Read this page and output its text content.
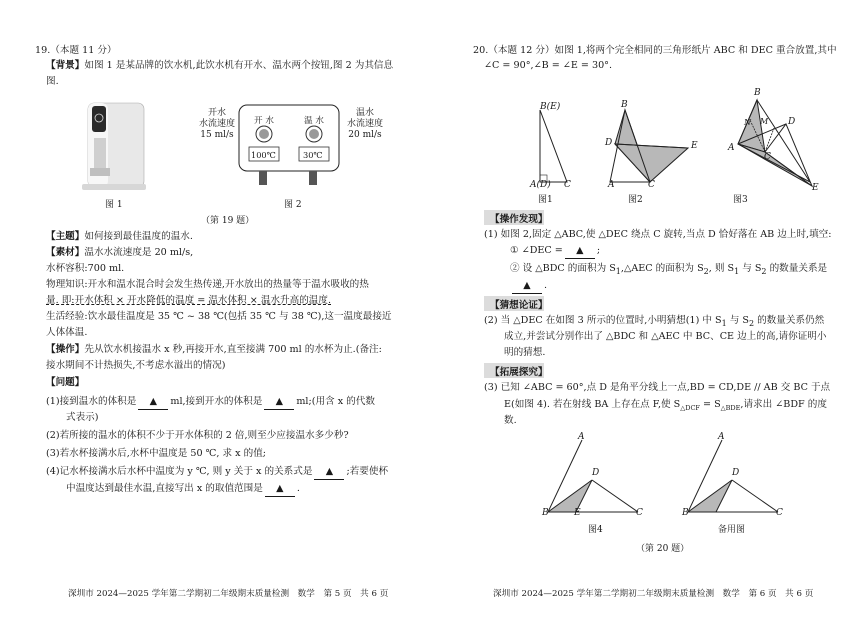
19.（本题 11 分）
【背景】如图 1 是某品牌的饮水机,此饮水机有开水、温水两个按钮,图 2 为其信息
图.
图 1
开水
水流速度
15 ml/s
开 水
100℃
温 水
30℃
温水
水流速度
20 ml/s
图 2
（第 19 题）
【主题】如何接到最佳温度的温水.
【素材】温水水流速度是 20 ml/s,
水杯容积:700 ml.
物理知识:开水和温水混合时会发生热传递,开水放出的热量等于温水吸收的热
量. 即:开水体积 × 开水降低的温度 = 温水体积 × 温水升高的温度.
生活经验:饮水最佳温度是 35 ℃ ~ 38 ℃(包括 35 ℃ 与 38 ℃),这一温度最接近
人体体温.
【操作】先从饮水机接温水 x 秒,再接开水,直至接满 700 ml 的水杯为止.(备注:
接水期间不计热损失,不考虑水溢出的情况)
【问题】
(1)接到温水的体积是 ▲ ml,接到开水的体积是 ▲ ml;(用含 x 的代数
式表示)
(2)若所接的温水的体积不少于开水体积的 2 倍,则至少应接温水多少秒?
(3)若水杯接满水后,水杯中温度是 50 ℃, 求 x 的值;
(4)记水杯接满水后水杯中温度为 y ℃, 则 y 关于 x 的关系式是 ▲ ;若要使杯
中温度达到最佳水温,直接写出 x 的取值范围是 ▲ .
深圳市 2024—2025 学年第二学期初二年级期末质量检测　数学　第 5 页　共 6 页
20.（本题 12 分）如图 1,将两个完全相同的三角形纸片 ABC 和 DEC 重合放置,其中
∠C = 90°,∠B = ∠E = 30°.
B(E)
A(D) C
B
D	E
A	C
B
N M D
A
C
E
图1	图2	图3
【操作发现】
(1) 如图 2,固定 △ABC,使 △DEC 绕点 C 旋转,当点 D 恰好落在 AB 边上时,填空:
① ∠DEC = ▲ ;
② 设 △BDC 的面积为 $S_1,\triangle AEC$ 的面积为 $S_2$, 则 $S_1$ 与 $S_2$ 的数量关系是
▲ .
【猜想论证】
(2) 当 △DEC 在如图 3 所示的位置时,小明猜想(1) 中 $S_1$ 与 $S_2$ 的数量关系仍然
成立,并尝试分别作出了 △BDC 和 △AEC 中 BC、CE 边上的高,请你证明小
明的猜想.
【拓展探究】
(3) 已知 ∠ABC = 60°,点 D 是角平分线上一点,BD = CD,DE // AB 交 BC 于点
E(如图 4). 若在射线 BA 上存在点 F,使 $S_{\triangle DCF} = S_{\triangle BDE}$,请求出 ∠BDF 的度
数.
A
D
B	E	C
A
D
B	C
图4	备用图
（第 20 题）
深圳市 2024—2025 学年第二学期初二年级期末质量检测　数学　第 6 页　共 6 页
